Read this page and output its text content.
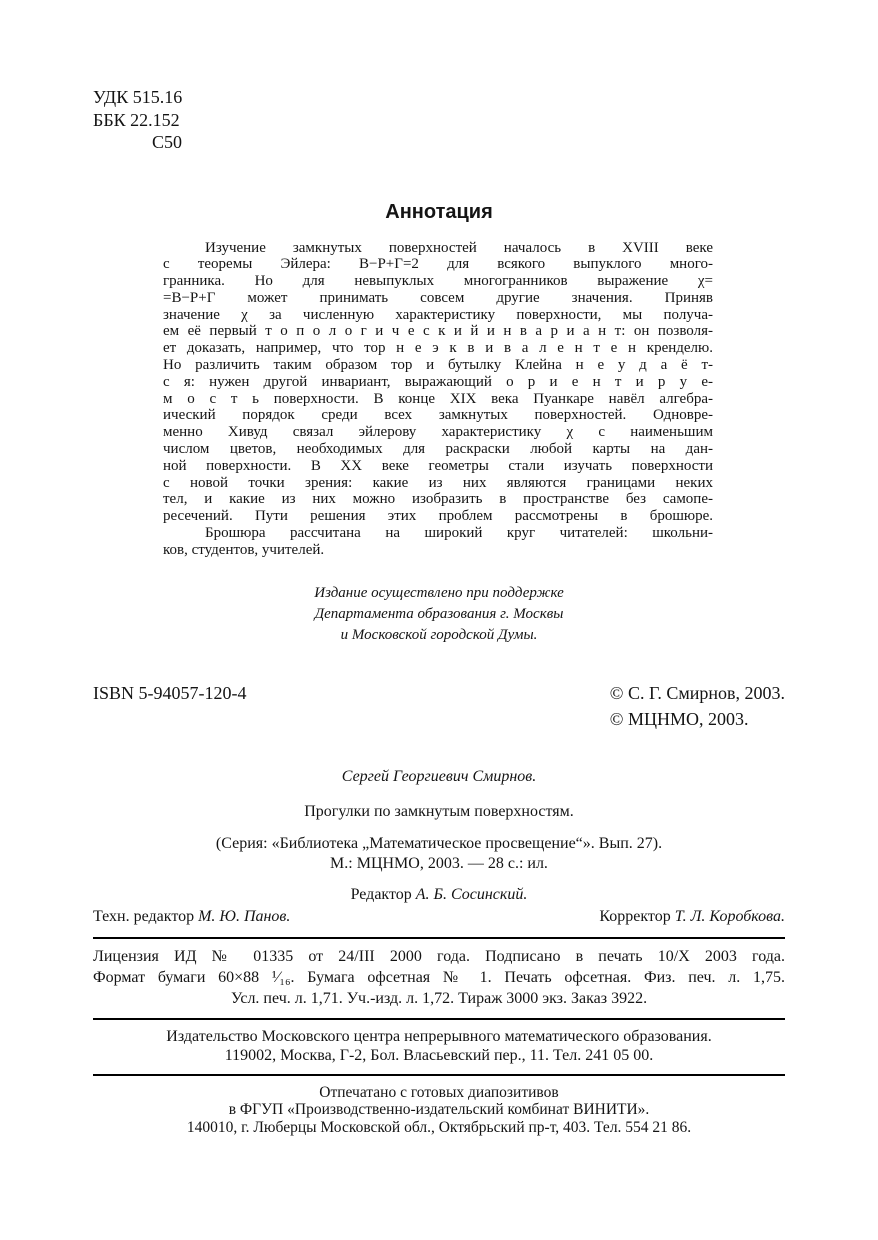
УДК 515.16
ББК 22.152
С50
Аннотация
Изучение замкнутых поверхностей началось в XVIII веке
с теоремы Эйлера: В−Р+Г=2 для всякого выпуклого много-
гранника. Но для невыпуклых многогранников выражение χ=
=В−Р+Г может принимать совсем другие значения. Приняв
значение χ за численную характеристику поверхности, мы получа-
ем её первый т о п о л о г и ч е с к и й и н в а р и а н т: он позволя-
ет доказать, например, что тор н е э к в и в а л е н т е н кренделю.
Но различить таким образом тор и бутылку Клейна н е у д а ё т-
с я: нужен другой инвариант, выражающий о р и е н т и р у е-
м о с т ь поверхности. В конце XIX века Пуанкаре навёл алгебра-
ический порядок среди всех замкнутых поверхностей. Одновре-
менно Хивуд связал эйлерову характеристику χ с наименьшим
числом цветов, необходимых для раскраски любой карты на дан-
ной поверхности. В XX веке геометры стали изучать поверхности
с новой точки зрения: какие из них являются границами неких
тел, и какие из них можно изобразить в пространстве без самопе-
ресечений. Пути решения этих проблем рассмотрены в брошюре.
Брошюра рассчитана на широкий круг читателей: школьни-
ков, студентов, учителей.
Издание осуществлено при поддержке
Департамента образования г. Москвы
и Московской городской Думы.
ISBN 5-94057-120-4	© С. Г. Смирнов, 2003.
© МЦНМО, 2003.
Сергей Георгиевич Смирнов.
Прогулки по замкнутым поверхностям.
(Серия: «Библиотека „Математическое просвещение“». Вып. 27).
М.: МЦНМО, 2003. — 28 с.: ил.
Редактор А. Б. Сосинский.
Техн. редактор М. Ю. Панов.	Корректор Т. Л. Коробкова.
Лицензия ИД № 01335 от 24/III 2000 года. Подписано в печать 10/X 2003 года.
Формат бумаги 60×88 ¹⁄₁₆. Бумага офсетная № 1. Печать офсетная. Физ. печ. л. 1,75.
Усл. печ. л. 1,71. Уч.-изд. л. 1,72. Тираж 3000 экз. Заказ 3922.
Издательство Московского центра непрерывного математического образования.
119002, Москва, Г-2, Бол. Власьевский пер., 11. Тел. 241 05 00.
Отпечатано с готовых диапозитивов
в ФГУП «Производственно-издательский комбинат ВИНИТИ».
140010, г. Люберцы Московской обл., Октябрьский пр-т, 403. Тел. 554 21 86.
